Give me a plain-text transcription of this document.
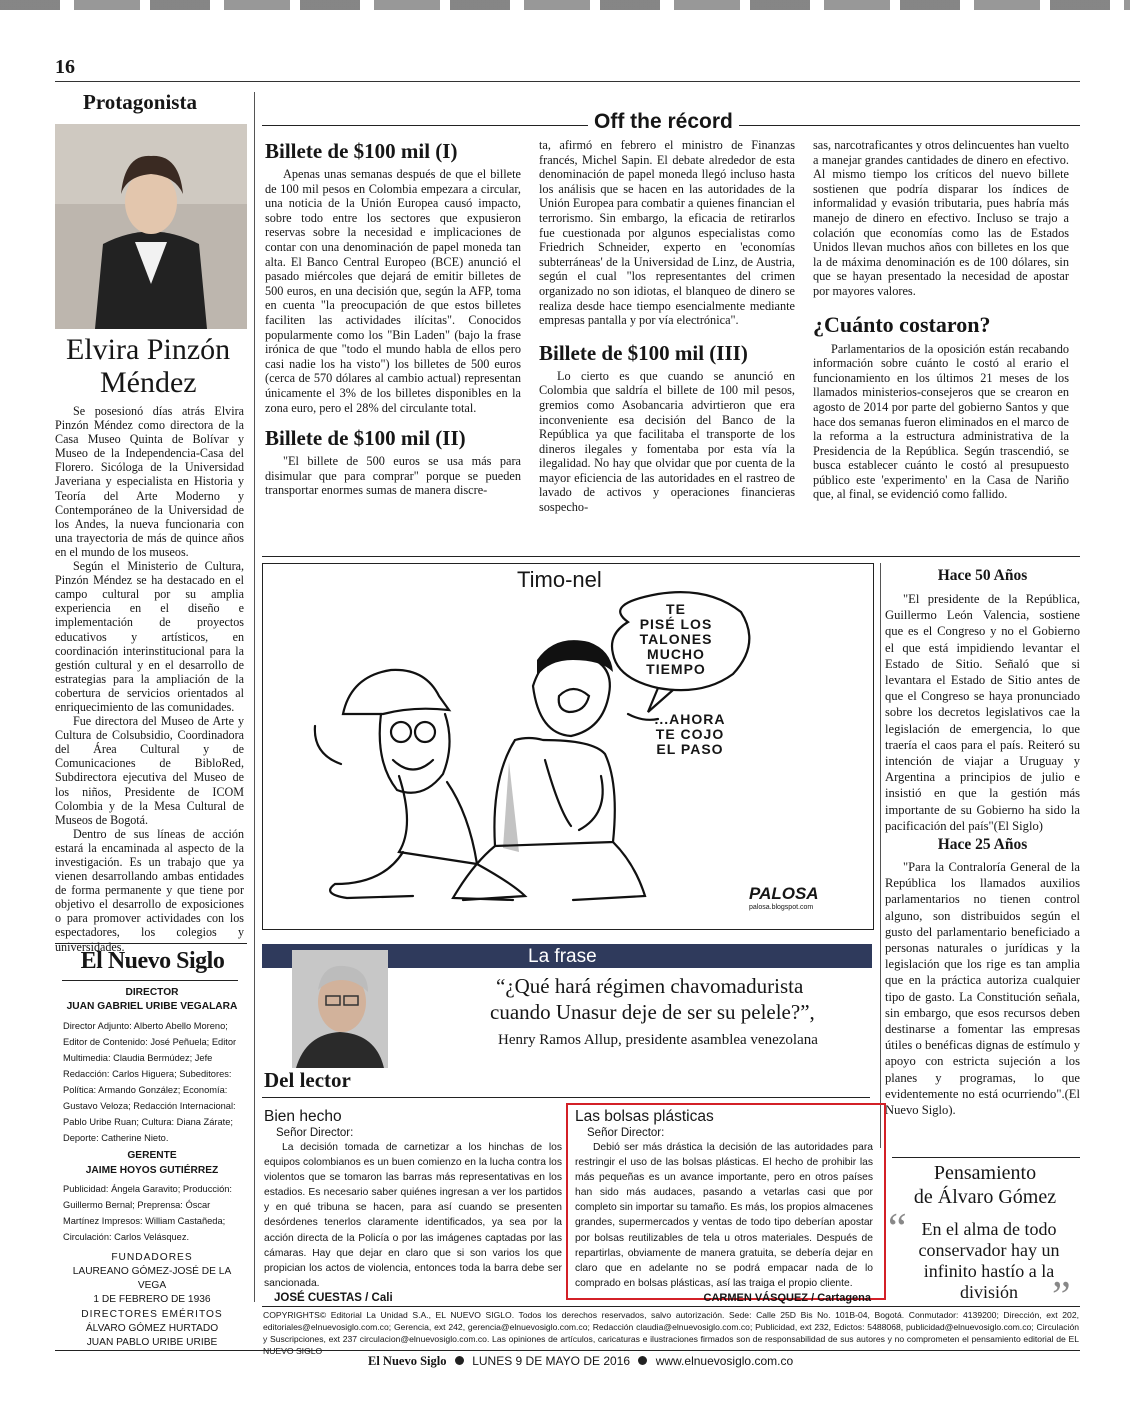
16
Protagonista
Elvira Pinzón
Méndez

Se posesionó días atrás Elvira Pinzón Méndez como directora de la Casa Museo Quinta de Bolívar y Museo de la Independencia-Casa del Florero. Sicóloga de la Universidad Javeriana y especialista en Historia y Teoría del Arte Moderno y Contemporáneo de la Universidad de los Andes, la nueva funcionaria con una trayectoria de más de quince años en el mundo de los museos.

Según el Ministerio de Cultura, Pinzón Méndez se ha destacado en el campo cultural por su amplia experiencia en el diseño e implementación de proyectos educativos y artísticos, en coordinación interinstitucional para la gestión cultural y en el desarrollo de estrategias para la ampliación de la cobertura de servicios orientados al enriquecimiento de las comunidades.

Fue directora del Museo de Arte y Cultura de Colsubsidio, Coordinadora del Área Cultural y de Comunicaciones de BibloRed, Subdirectora ejecutiva del Museo de los niños, Presidente de ICOM Colombia y de la Mesa Cultural de Museos de Bogotá.

Dentro de sus líneas de acción estará la encaminada al aspecto de la investigación. Es un trabajo que ya vienen desarrollando ambas entidades de forma permanente y que tiene por objetivo el desarrollo de exposiciones o para promover actividades con los espectadores, los colegios y universidades.

Off the récord
Billete de $100 mil (I)

Apenas unas semanas después de que el billete de 100 mil pesos en Colombia empezara a circular, una noticia de la Unión Europea causó impacto, sobre todo entre los sectores que expusieron reservas sobre la necesidad e implicaciones de contar con una denominación de papel moneda tan alta. El Banco Central Europeo (BCE) anunció el pasado miércoles que dejará de emitir billetes de 500 euros, en una decisión que, según la AFP, toma en cuenta "la preocupación de que estos billetes faciliten las actividades ilícitas". Conocidos popularmente como los "Bin Laden" (bajo la frase irónica de que "todo el mundo habla de ellos pero casi nadie los ha visto") los billetes de 500 euros (cerca de 570 dólares al cambio actual) representan únicamente el 3% de los billetes disponibles en la zona euro, pero el 28% del circulante total.

Billete de $100 mil (II)

"El billete de 500 euros se usa más para disimular que para comprar" porque se pueden transportar enormes sumas de manera discre-

ta, afirmó en febrero el ministro de Finanzas francés, Michel Sapin. El debate alrededor de esta denominación de papel moneda llegó incluso hasta los análisis que se hacen en las autoridades de la Unión Europea para combatir a quienes financian el terrorismo. Sin embargo, la eficacia de retirarlos fue cuestionada por algunos especialistas como Friedrich Schneider, experto en 'economías subterráneas' de la Universidad de Linz, de Austria, según el cual "los representantes del crimen organizado no son idiotas, el blanqueo de dinero se realiza desde hace tiempo esencialmente mediante empresas pantalla y por vía electrónica".

Billete de $100 mil (III)

Lo cierto es que cuando se anunció en Colombia que saldría el billete de 100 mil pesos, gremios como Asobancaria advirtieron que era inconveniente esa decisión del Banco de la República ya que facilitaba el transporte de los dineros ilegales y fomentaba por esta vía la ilegalidad. No hay que olvidar que por cuenta de la mayor eficiencia de las autoridades en el rastreo de lavado de activos y operaciones financieras sospecho-

sas, narcotraficantes y otros delincuentes han vuelto a manejar grandes cantidades de dinero en efectivo. Al mismo tiempo los críticos del nuevo billete sostienen que podría disparar los índices de informalidad y evasión tributaria, pues habría más manejo de dinero en efectivo. Incluso se trajo a colación que economías como las de Estados Unidos llevan muchos años con billetes en los que la de máxima denominación es de 100 dólares, sin que se hayan presentado la necesidad de apostar por mayores valores.

¿Cuánto costaron?

Parlamentarios de la oposición están recabando información sobre cuánto le costó al erario el funcionamiento en los últimos 21 meses de los llamados ministerios-consejeros que se crearon en agosto de 2014 por parte del gobierno Santos y que hace dos semanas fueron eliminados en el marco de la reforma a la estructura administrativa de la Presidencia de la República. Según trascendió, se busca establecer cuánto le costó al presupuesto público este 'experimento' en la Casa de Nariño que, al final, se evidenció como fallido.

Timo-nel
TE
PISÉ LOS
TALONES
MUCHO
TIEMPO
...AHORA
TE COJO
EL PASO
PALOSA
palosa.blogspot.com
Hace 50 Años

"El presidente de la República, Guillermo León Valencia, sostiene que es el Congreso y no el Gobierno el que está impidiendo levantar el Estado de Sitio. Señaló que si levantara el Estado de Sitio antes de que el Congreso se haya pronunciado sobre los decretos legislativos cae la legislación de emergencia, lo que traería el caos para el país. Reiteró su intención de viajar a Uruguay y Argentina a principios de julio e insistió en que la gestión más importante de su Gobierno ha sido la pacificación del país"(El Siglo)

Hace 25 Años

"Para la Contraloría General de la República los llamados auxilios parlamentarios no tienen control alguno, son distribuidos según el gusto del parlamentario beneficiado a personas naturales o jurídicas y la legislación que los rige es tan amplia que en la práctica autoriza cualquier tipo de gasto. La Constitución señala, sin embargo, que esos recursos deben destinarse a fomentar las empresas útiles o benéficas dignas de estímulo y apoyo con estricta sujeción a los planes y programas, lo que evidentemente no está ocurriendo".(El Nuevo Siglo).

Pensamiento
de Álvaro Gómez
“ En el alma de todo conservador hay un infinito hastío a la división ”
La frase
“¿Qué hará régimen chavomadurista
cuando Unasur deje de ser su pelele?”,
Henry Ramos Allup, presidente asamblea venezolana
El Nuevo Siglo
DIRECTOR
JUAN GABRIEL URIBE VEGALARA
Director Adjunto: Alberto Abello Moreno; Editor de Contenido: José Peñuela; Editor Multimedia: Claudia Bermúdez; Jefe Redacción: Carlos Higuera; Subeditores: Política: Armando González; Economía: Gustavo Veloza; Redacción Internacional: Pablo Uribe Ruan; Cultura: Diana Zárate; Deporte: Catherine Nieto.
GERENTE
JAIME HOYOS GUTIÉRREZ
Publicidad: Ángela Garavito; Producción: Guillermo Bernal; Preprensa: Óscar Martínez Impresos: William Castañeda; Circulación: Carlos Velásquez.
FUNDADORES
LAUREANO GÓMEZ-JOSÉ DE LA VEGA
1 DE FEBRERO DE 1936
DIRECTORES EMÉRITOS
ÁLVARO GÓMEZ HURTADO
JUAN PABLO URIBE URIBE
Del lector
Bien hecho
Señor Director:

La decisión tomada de carnetizar a los hinchas de los equipos colombianos es un buen comienzo en la lucha contra los violentos que se tomaron las barras más representativas en los estadios. Es necesario saber quiénes ingresan a ver los partidos y en qué tribuna se hacen, para así cuando se presenten desórdenes tenerlos claramente identificados, ya sea por la acción directa de la Policía o por las imágenes captadas por las cámaras. Hay que dejar en claro que si son varios los que propician los actos de violencia, entonces toda la barra debe ser sancionada.

JOSÉ CUESTAS / Cali
Las bolsas plásticas
Señor Director:

Debió ser más drástica la decisión de las autoridades para restringir el uso de las bolsas plásticas. El hecho de prohibir las más pequeñas es un avance importante, pero en otros países han sido más audaces, pasando a vetarlas casi que por completo sin importar su tamaño. Es más, los propios almacenes grandes, supermercados y ventas de todo tipo deberían apostar por bolsas reutilizables de tela u otros materiales. Después de repartirlas, obviamente de manera gratuita, se debería dejar en claro que en adelante no se podrá empacar nada de lo comprado en bolsas plásticas, así las traiga el propio cliente.

CARMEN VÁSQUEZ / Cartagena
COPYRIGHTS© Editorial La Unidad S.A., EL NUEVO SIGLO. Todos los derechos reservados, salvo autorización. Sede: Calle 25D Bis No. 101B-04, Bogotá. Conmutador: 4139200; Dirección, ext 202, editoriales@elnuevosiglo.com.co; Gerencia, ext 242, gerencia@elnuevosiglo.com.co; Redacción claudia@elnuevosiglo.com.co; Publicidad, ext 232, Edictos: 5488068, publicidad@elnuevosiglo.com.co; Circulación y Suscripciones, ext 237 circulacion@elnuevosiglo.com.co. Las opiniones de artículos, caricaturas e ilustraciones firmados son de responsabilidad de sus autores y no comprometen el pensamiento editorial de EL NUEVO SIGLO
El Nuevo Siglo LUNES 9 DE MAYO DE 2016 www.elnuevosiglo.com.co
